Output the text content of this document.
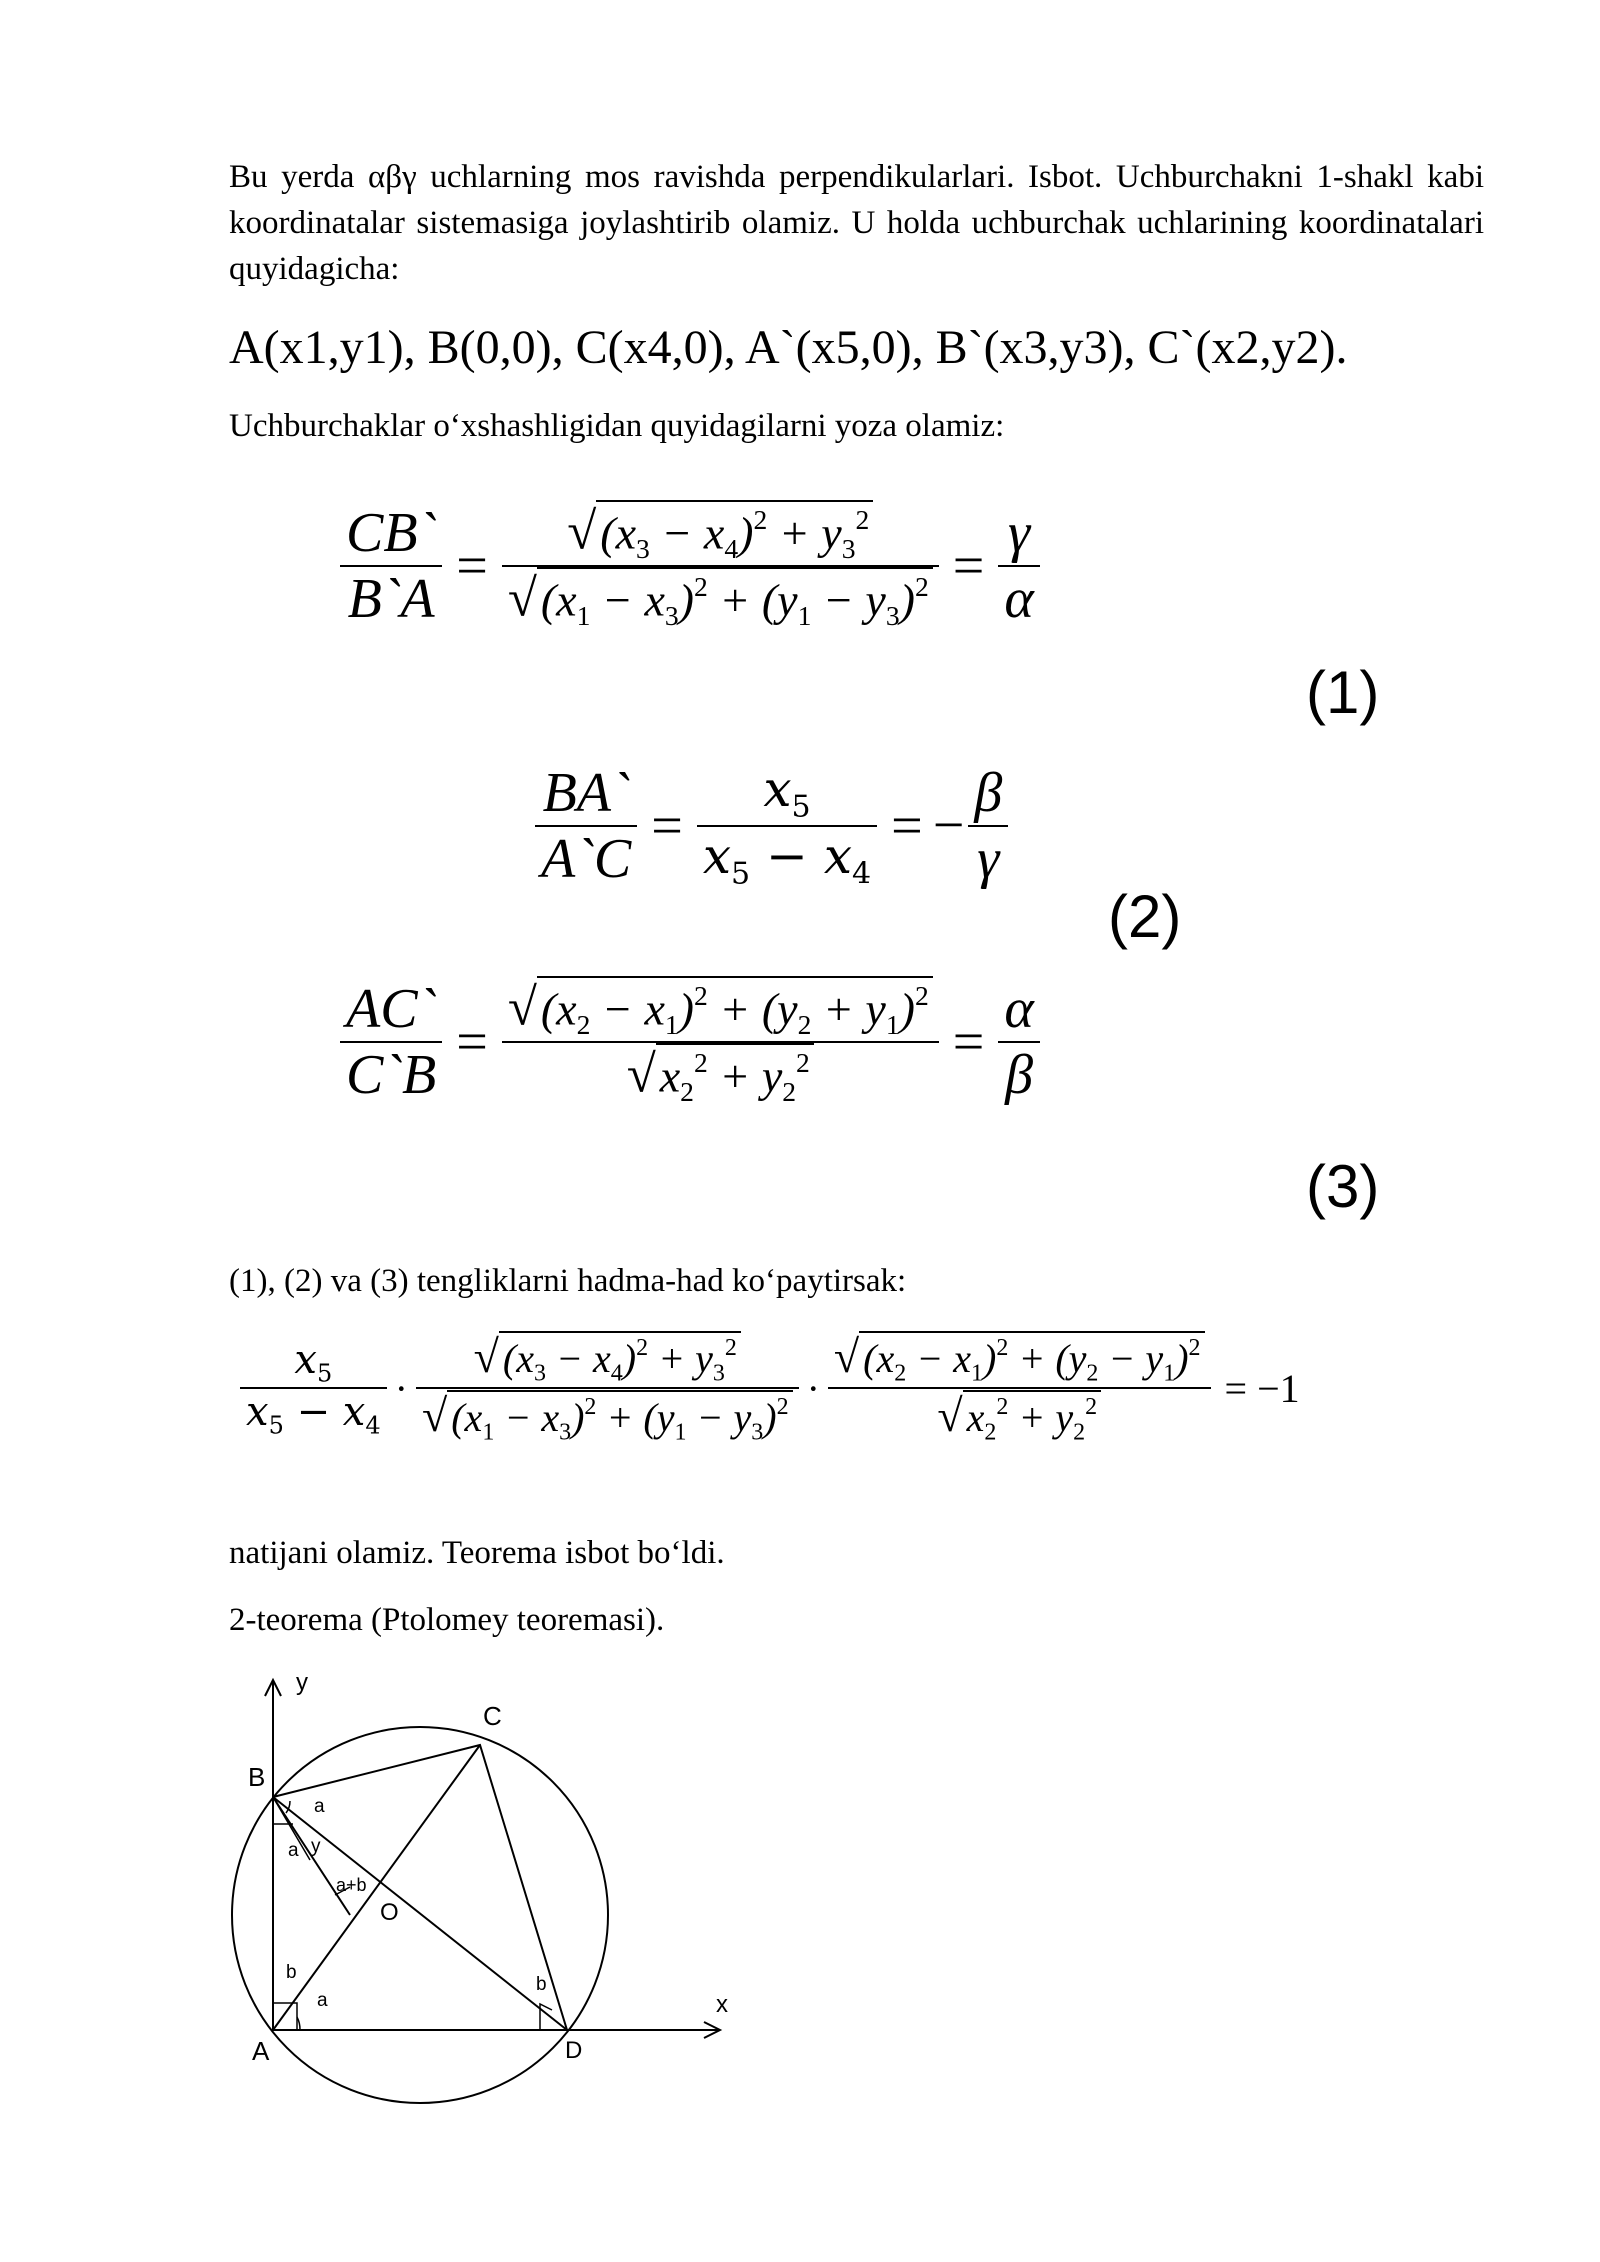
Bu yerda αβγ uchlarning mos ravishda perpendikularlari. Isbot. Uchburchakni 1-shakl kabi koordinatalar sistemasiga joylashtirib olamiz. U holda uchburchak uchlarining koordinatalari quyidagicha:
A(x1,y1), B(0,0), C(x4,0), A`(x5,0), B`(x3,y3), C`(x2,y2).
Uchburchaklar o‘xshashligidan quyidagilarni yoza olamiz:
$\frac{CB`}{B`A} = \frac{√(x_3 - x_4)^2 + y_3^2}{√(x_1 - x_3)^2 + (y_1 - y_3)^2} = \frac{\gamma}{\alpha}$
(1)
$\frac{BA`}{A`C} = \frac{x_5}{x_5 - x_4}$ = − $\frac{\beta}{\gamma}$
(2)
$\frac{AC`}{C`B} = \frac{√(x_2 - x_1)^2 + (y_2 + y_1)^2}{√x_2^2 + y_2^2} = \frac{\alpha}{\beta}$
(3)
(1), (2) va (3) tengliklarni hadma-had ko‘paytirsak:
$\frac{x_5}{x_5 - x_4} \cdot \frac{√ (x_3 - x_4)^2 + y_3^2}{√ (x_1 - x_3)^2 + (y_1 - y_3)^2} \cdot \frac{√ (x_2 - x_1)^2 + (y_2 - y_1)^2}{√ x_2^2 + y_2^2} = -1$
natijani olamiz. Teorema isbot bo‘ldi.
2-teorema (Ptolomey teoremasi).
y
x
C
B
A	D
O
a
a y
a+b
b
a
b
